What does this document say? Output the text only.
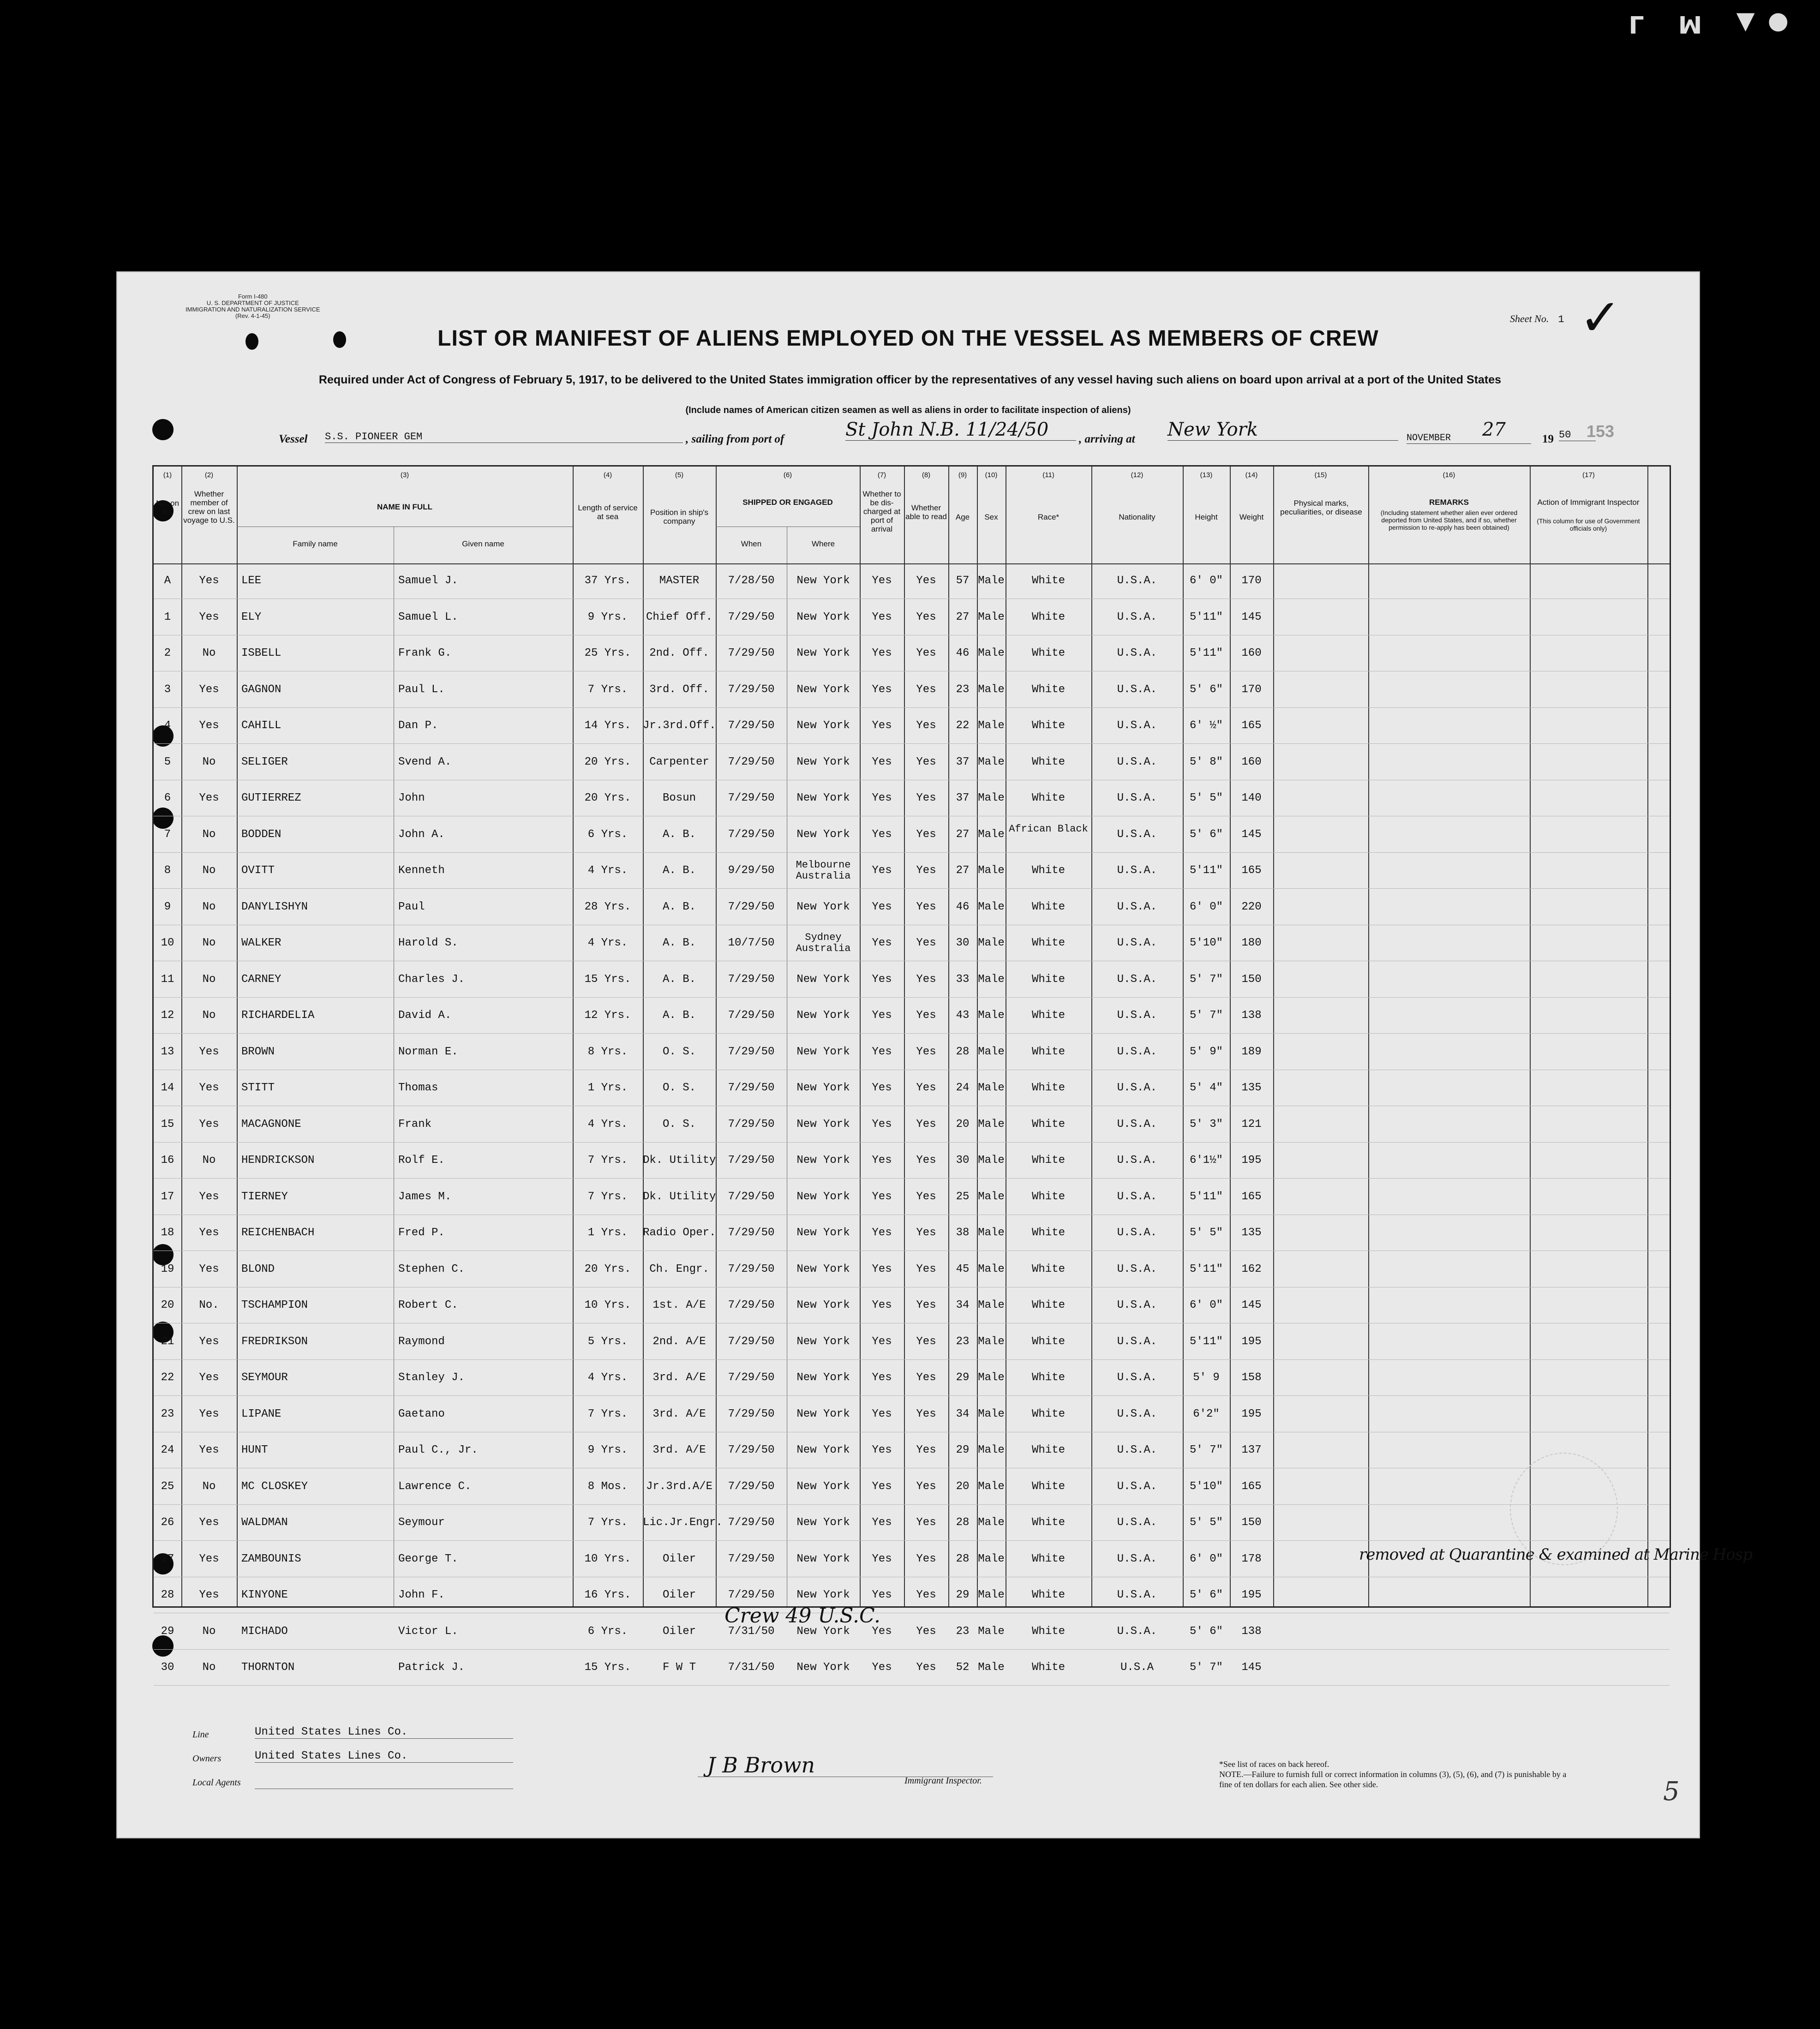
L M ▲●
Form I-480
U. S. DEPARTMENT OF JUSTICE
IMMIGRATION AND NATURALIZATION SERVICE
(Rev. 4-1-45)	Sheet No. 1 ✓
LIST OR MANIFEST OF ALIENS EMPLOYED ON THE VESSEL AS MEMBERS OF CREW
Required under Act of Congress of February 5, 1917, to be delivered to the United States immigration officer by the representatives of any vessel having such aliens on board upon arrival at a port of the United States
(Include names of American citizen seamen as well as aliens in order to facilitate inspection of aliens)
Vessel S.S. PIONEER GEM	, sailing from port of	St John N.B. 11/24/50	, arriving at New York	NOVEMBER	27	19 50 153
(1)	(2)	(3)	(4)	(5)	(6)	(7)	(8)	(9)	(10)	(11)	(12)	(13)	(14)	(15)	(16)	(17)
No. on list
Whether member of crew on last voyage to U.S.
NAME IN FULL
Family name	Given name
Length of service at sea	Position in ship's company
SHIPPED OR ENGAGED
When	Where
Whether to be dis-charged at port of arrival
Whether able to read	Age	Sex	Race*	Nationality	Height	Weight
Physical marks, peculiarities, or disease
REMARKS
(Including statement whether alien ever ordered deported from United States, and if so, whether permission to re-apply has been obtained)
Action of Immigrant Inspector
(This column for use of Government officials only)
A	Yes	LEE	Samuel J.	37 Yrs.	MASTER	7/28/50	New York	Yes	Yes	57 Male	White	U.S.A.	6' 0"	170
1	Yes	ELY	Samuel L.	9 Yrs.	Chief Off.	7/29/50	New York	Yes	Yes	27 Male	White	U.S.A.	5'11"	145
2	No	ISBELL	Frank G.	25 Yrs.	2nd. Off.	7/29/50	New York	Yes	Yes	46 Male	White	U.S.A.	5'11"	160
3	Yes	GAGNON	Paul L.	7 Yrs.	3rd. Off.	7/29/50	New York	Yes	Yes	23 Male	White	U.S.A.	5' 6"	170
4	Yes	CAHILL	Dan P.	14 Yrs.	Jr.3rd.Off.	7/29/50	New York	Yes	Yes	22 Male	White	U.S.A.	6' ½"	165
5	No	SELIGER	Svend A.	20 Yrs.	Carpenter	7/29/50	New York	Yes	Yes	37 Male	White	U.S.A.	5' 8"	160
6	Yes	GUTIERREZ	John	20 Yrs.	Bosun	7/29/50	New York	Yes	Yes	37 Male	White	U.S.A.	5' 5"	140
7	No	BODDEN	John A.	6 Yrs.	A. B.	7/29/50	New York	Yes	Yes	27 Male African Black	U.S.A.	5' 6"	145
8	No	OVITT	Kenneth	4 Yrs.	A. B.	9/29/50	Melbourne Australia	Yes	Yes	27 Male	White	U.S.A.	5'11"	165
9	No	DANYLISHYN	Paul	28 Yrs.	A. B.	7/29/50	New York	Yes	Yes	46 Male	White	U.S.A.	6' 0"	220
10	No	WALKER	Harold S.	4 Yrs.	A. B.	10/7/50	Sydney Australia	Yes	Yes	30 Male	White	U.S.A.	5'10"	180
11	No	CARNEY	Charles J.	15 Yrs.	A. B.	7/29/50	New York	Yes	Yes	33 Male	White	U.S.A.	5' 7"	150
12	No	RICHARDELIA	David A.	12 Yrs.	A. B.	7/29/50	New York	Yes	Yes	43 Male	White	U.S.A.	5' 7"	138
13	Yes	BROWN	Norman E.	8 Yrs.	O. S.	7/29/50	New York	Yes	Yes	28 Male	White	U.S.A.	5' 9"	189
14	Yes	STITT	Thomas	1 Yrs.	O. S.	7/29/50	New York	Yes	Yes	24 Male	White	U.S.A.	5' 4"	135
15	Yes	MACAGNONE	Frank	4 Yrs.	O. S.	7/29/50	New York	Yes	Yes	20 Male	White	U.S.A.	5' 3"	121
16	No	HENDRICKSON	Rolf E.	7 Yrs.	Dk. Utility	7/29/50	New York	Yes	Yes	30 Male	White	U.S.A.	6'1½"	195
17	Yes	TIERNEY	James M.	7 Yrs.	Dk. Utility	7/29/50	New York	Yes	Yes	25 Male	White	U.S.A.	5'11"	165
18	Yes	REICHENBACH	Fred P.	1 Yrs.	Radio Oper.	7/29/50	New York	Yes	Yes	38 Male	White	U.S.A.	5' 5"	135
19	Yes	BLOND	Stephen C.	20 Yrs.	Ch. Engr.	7/29/50	New York	Yes	Yes	45 Male	White	U.S.A.	5'11"	162
20	No.	TSCHAMPION	Robert C.	10 Yrs.	1st. A/E	7/29/50	New York	Yes	Yes	34 Male	White	U.S.A.	6' 0"	145
21	Yes	FREDRIKSON	Raymond	5 Yrs.	2nd. A/E	7/29/50	New York	Yes	Yes	23 Male	White	U.S.A.	5'11"	195
22	Yes	SEYMOUR	Stanley J.	4 Yrs.	3rd. A/E	7/29/50	New York	Yes	Yes	29 Male	White	U.S.A.	5' 9	158
23	Yes	LIPANE	Gaetano	7 Yrs.	3rd. A/E	7/29/50	New York	Yes	Yes	34 Male	White	U.S.A.	6'2"	195
24	Yes	HUNT	Paul C., Jr.	9 Yrs.	3rd. A/E	7/29/50	New York	Yes	Yes	29 Male	White	U.S.A.	5' 7"	137
25	No	MC CLOSKEY	Lawrence C.	8 Mos.	Jr.3rd.A/E	7/29/50	New York	Yes	Yes	20 Male	White	U.S.A.	5'10"	165
26	Yes	WALDMAN	Seymour	7 Yrs.	Lic.Jr.Engr. 7/29/50	New York	Yes	Yes	28 Male	White	U.S.A.	5' 5"	150
27	Yes	ZAMBOUNIS	George T.	10 Yrs.	Oiler	7/29/50	New York	Yes	Yes	28 Male	White	U.S.A.	6' 0"	178
28	Yes	KINYONE	John F.	16 Yrs.	Oiler	7/29/50	New York	Yes	Yes	29 Male	White	U.S.A.	5' 6"	195
29	No	MICHADO	Victor L.	6 Yrs.	Oiler	7/31/50	New York	Yes	Yes	23 Male	White	U.S.A.	5' 6"	138
30	No	THORNTON	Patrick J.	15 Yrs.	F W T	7/31/50	New York	Yes	Yes	52 Male	White	U.S.A	5' 7"	145
removed at Quarantine & examined at Marine Hosp
Crew 49 U.S.C.
Line	United States Lines Co.
Owners	United States Lines Co.
Local Agents
J B Brown
Immigrant Inspector.
*See list of races on back hereof.
NOTE.—Failure to furnish full or correct information in columns (3), (5), (6), and (7) is punishable by a fine of ten dollars for each alien. See other side.	5
